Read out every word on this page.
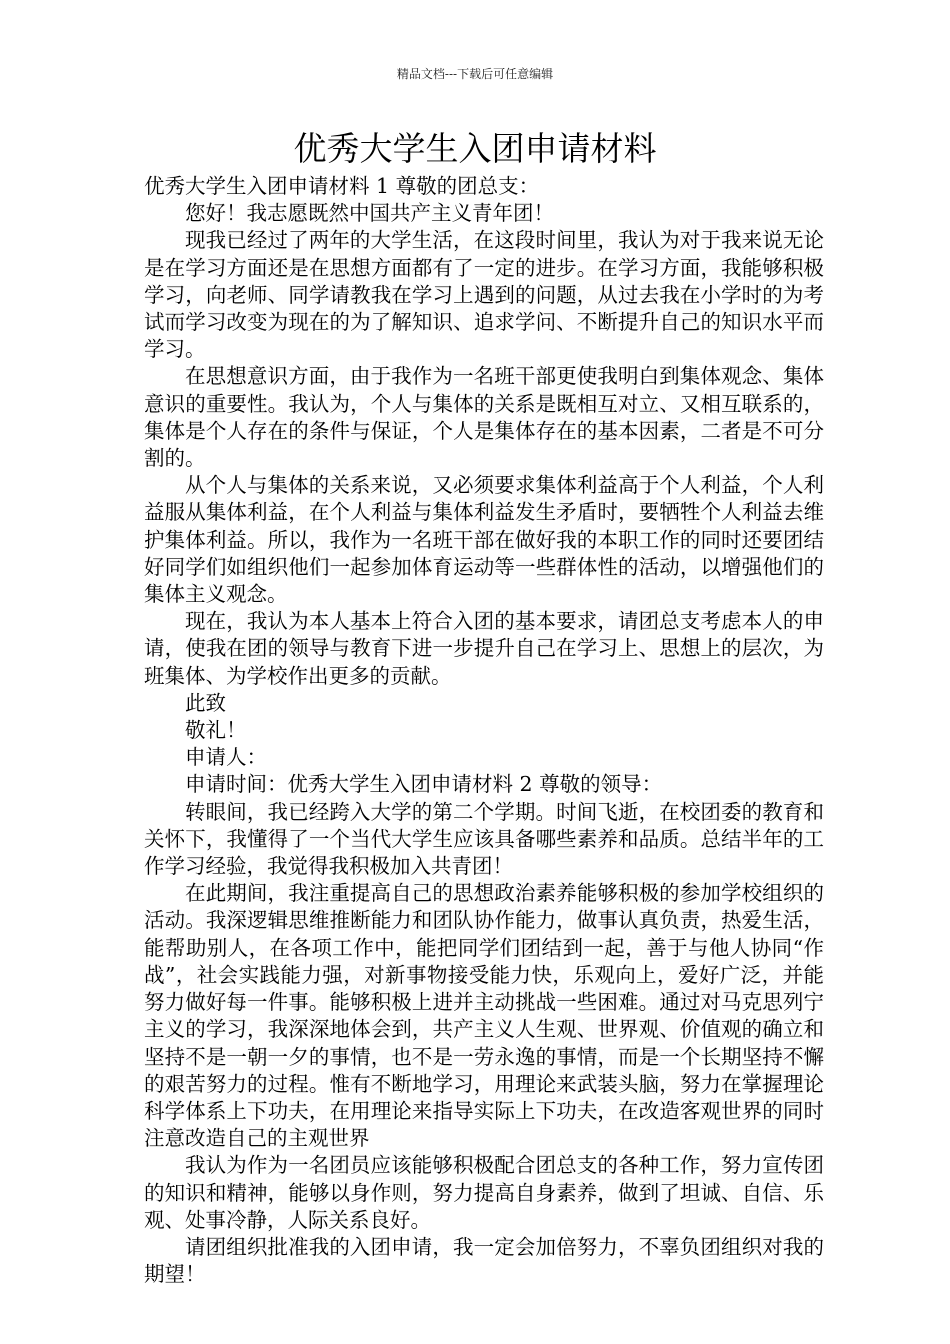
精品文档---下载后可任意编辑
优秀大学生入团申请材料

优秀大学生入团申请材料 1 尊敬的团总支：

您好！我志愿既然中国共产主义青年团！

现我已经过了两年的大学生活，在这段时间里，我认为对于我来说无论是在学习方面还是在思想方面都有了一定的进步。在学习方面，我能够积极学习，向老师、同学请教我在学习上遇到的问题，从过去我在小学时的为考试而学习改变为现在的为了解知识、追求学问、不断提升自己的知识水平而学习。

在思想意识方面，由于我作为一名班干部更使我明白到集体观念、集体意识的重要性。我认为，个人与集体的关系是既相互对立、又相互联系的，集体是个人存在的条件与保证，个人是集体存在的基本因素，二者是不可分割的。

从个人与集体的关系来说，又必须要求集体利益高于个人利益，个人利益服从集体利益，在个人利益与集体利益发生矛盾时，要牺牲个人利益去维护集体利益。所以，我作为一名班干部在做好我的本职工作的同时还要团结好同学们如组织他们一起参加体育运动等一些群体性的活动，以增强他们的集体主义观念。

现在，我认为本人基本上符合入团的基本要求，请团总支考虑本人的申请，使我在团的领导与教育下进一步提升自己在学习上、思想上的层次，为班集体、为学校作出更多的贡献。

此致

敬礼！

申请人：

申请时间：优秀大学生入团申请材料 2 尊敬的领导：

转眼间，我已经跨入大学的第二个学期。时间飞逝，在校团委的教育和关怀下，我懂得了一个当代大学生应该具备哪些素养和品质。总结半年的工作学习经验，我觉得我积极加入共青团！

在此期间，我注重提高自己的思想政治素养能够积极的参加学校组织的活动。我深逻辑思维推断能力和团队协作能力，做事认真负责，热爱生活，能帮助别人，在各项工作中，能把同学们团结到一起，善于与他人协同“作战”，社会实践能力强，对新事物接受能力快，乐观向上，爱好广泛，并能努力做好每一件事。能够积极上进并主动挑战一些困难。通过对马克思列宁主义的学习，我深深地体会到，共产主义人生观、世界观、价值观的确立和坚持不是一朝一夕的事情，也不是一劳永逸的事情，而是一个长期坚持不懈的艰苦努力的过程。惟有不断地学习，用理论来武装头脑，努力在掌握理论科学体系上下功夫，在用理论来指导实际上下功夫，在改造客观世界的同时注意改造自己的主观世界

我认为作为一名团员应该能够积极配合团总支的各种工作，努力宣传团的知识和精神，能够以身作则，努力提高自身素养，做到了坦诚、自信、乐观、处事冷静，人际关系良好。

请团组织批准我的入团申请，我一定会加倍努力，不辜负团组织对我的期望！
